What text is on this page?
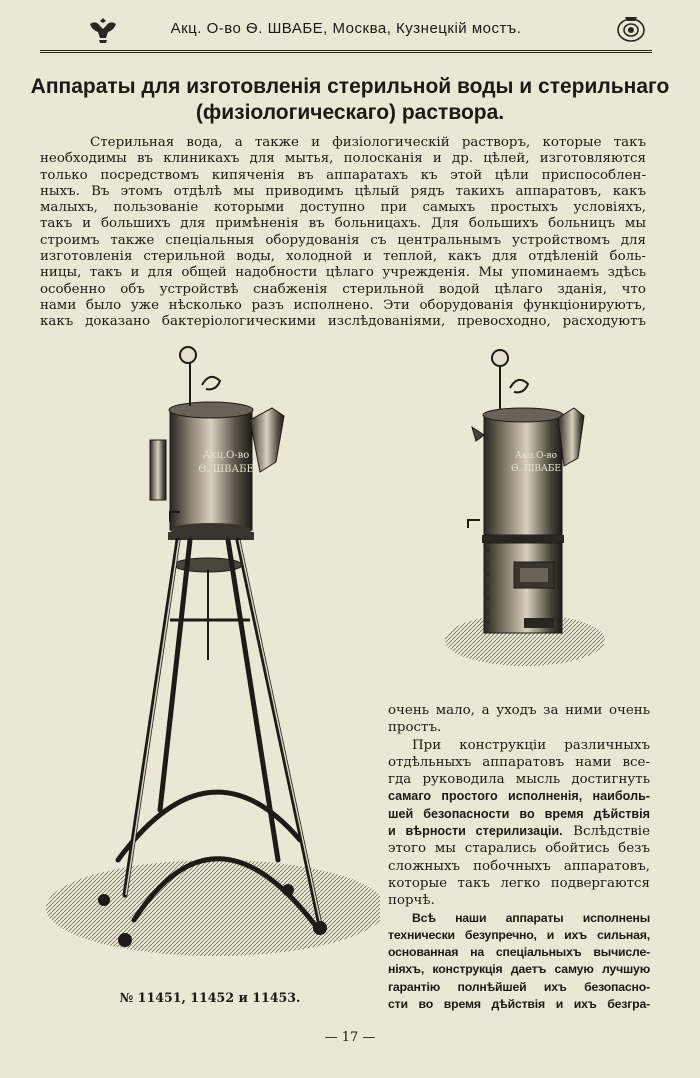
Акц. О-во Ѳ. ШВАБЕ, Москва, Кузнецкій мостъ.
Аппараты для изготовленія стерильной воды и стерильнаго
(физіологическаго) раствора.
Стерильная вода, а также и физіологическій растворъ, которые такъ
необходимы въ клиникахъ для мытья, полосканія и др. цѣлей, изготовляются
только посредствомъ кипяченія въ аппаратахъ къ этой цѣли приспособлен-
ныхъ. Въ этомъ отдѣлѣ мы приводимъ цѣлый рядъ такихъ аппаратовъ, какъ
малыхъ, пользованіе которыми доступно при самыхъ простыхъ условіяхъ,
такъ и большихъ для примѣненія въ больницахъ. Для большихъ больницъ мы
строимъ также спеціальныя оборудованія съ центральнымъ устройствомъ для
изготовленія стерильной воды, холодной и теплой, какъ для отдѣленій боль-
ницы, такъ и для общей надобности цѣлаго учрежденія. Мы упоминаемъ здѣсь
особенно объ устройствѣ снабженія стерильной водой цѣлаго зданія, что
нами было уже нѣсколько разъ исполнено. Эти оборудованія функціонируютъ,
какъ доказано бактеріологическими изслѣдованіями, превосходно, расходуютъ
Акц.О-во
Ѳ. ШВАБЕ
Акц.О-во
Ѳ. ШВАБЕ
очень мало, а уходъ за ними очень
простъ.
При конструкціи различныхъ
отдѣльныхъ аппаратовъ нами все-
гда руководила мысль достигнуть
самаго простого исполненія, наиболь-
шей безопасности во время дѣйствія
и вѣрности стерилизаціи. Вслѣдствіе
этого мы старались обойтись безъ
сложныхъ побочныхъ аппаратовъ,
которые такъ легко подвергаются
порчѣ.
Всѣ наши аппараты исполнены
технически безупречно, и ихъ сильная,
основанная на спеціальныхъ вычисле-
ніяхъ, конструкція даетъ самую лучшую
гарантію полнѣйшей ихъ безопасно-
сти во время дѣйствія и ихъ безгра-
№ 11451, 11452 и 11453.
— 17 —
